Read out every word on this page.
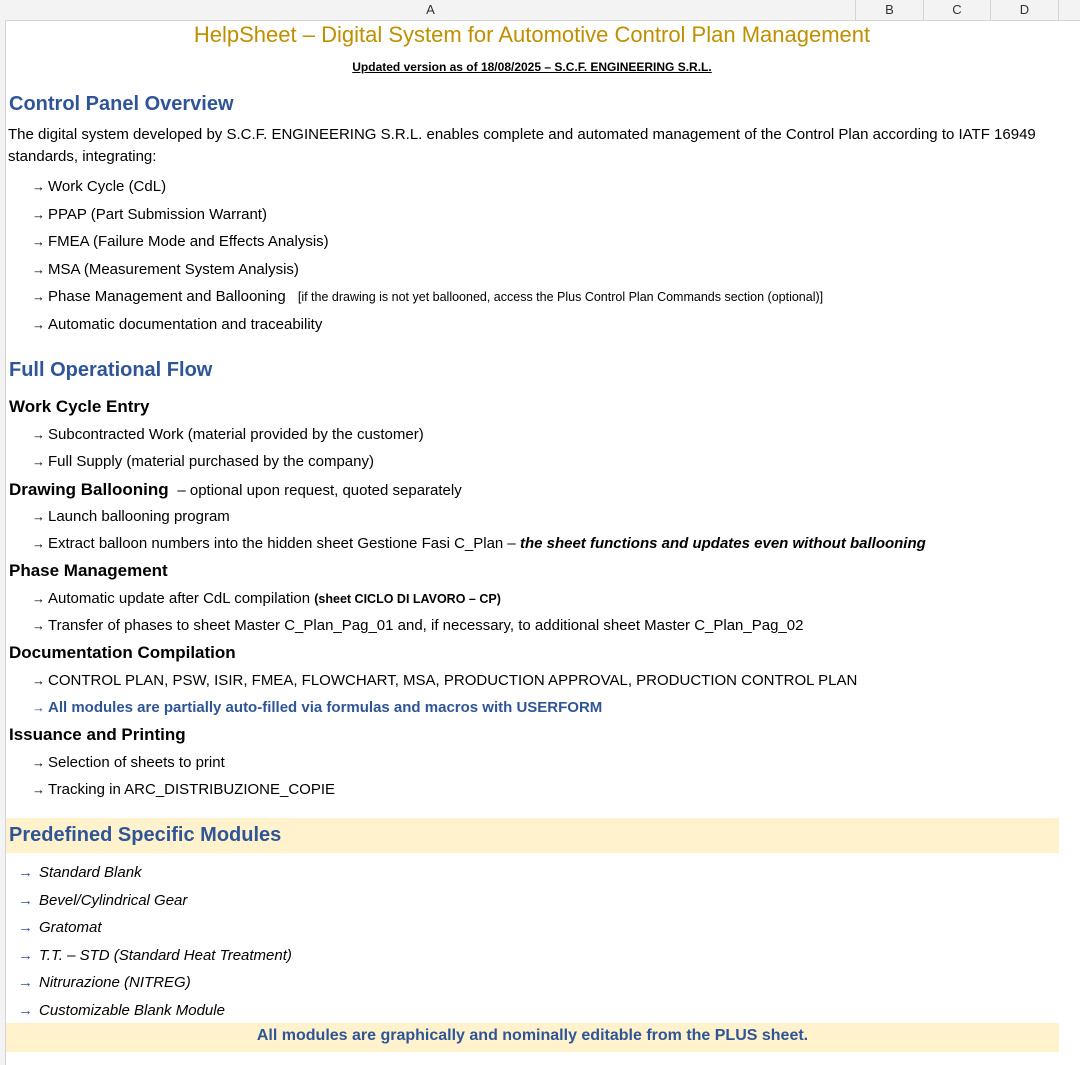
A	B	C	D
HelpSheet – Digital System for Automotive Control Plan Management
Updated version as of 18/08/2025 – S.C.F. ENGINEERING S.R.L.
Control Panel Overview
The digital system developed by S.C.F. ENGINEERING S.R.L. enables complete and automated management of the Control Plan according to IATF 16949
standards, integrating:
→ Work Cycle (CdL)
→ PPAP (Part Submission Warrant)
→ FMEA (Failure Mode and Effects Analysis)
→ MSA (Measurement System Analysis)
→ Phase Management and Ballooning [if the drawing is not yet ballooned, access the Plus Control Plan Commands section (optional)]
→ Automatic documentation and traceability
Full Operational Flow
Work Cycle Entry
→ Subcontracted Work (material provided by the customer)
→ Full Supply (material purchased by the company)
Drawing Ballooning – optional upon request, quoted separately
→ Launch ballooning program
→ Extract balloon numbers into the hidden sheet Gestione Fasi C_Plan – the sheet functions and updates even without ballooning
Phase Management
→ Automatic update after CdL compilation (sheet CICLO DI LAVORO – CP)
→ Transfer of phases to sheet Master C_Plan_Pag_01 and, if necessary, to additional sheet Master C_Plan_Pag_02
Documentation Compilation
→ CONTROL PLAN, PSW, ISIR, FMEA, FLOWCHART, MSA, PRODUCTION APPROVAL, PRODUCTION CONTROL PLAN
→ All modules are partially auto-filled via formulas and macros with USERFORM
Issuance and Printing
→ Selection of sheets to print
→ Tracking in ARC_DISTRIBUZIONE_COPIE
Predefined Specific Modules
→ Standard Blank
→ Bevel/Cylindrical Gear
→ Gratomat
→ T.T. – STD (Standard Heat Treatment)
→ Nitrurazione (NITREG)
→ Customizable Blank Module
All modules are graphically and nominally editable from the PLUS sheet.
